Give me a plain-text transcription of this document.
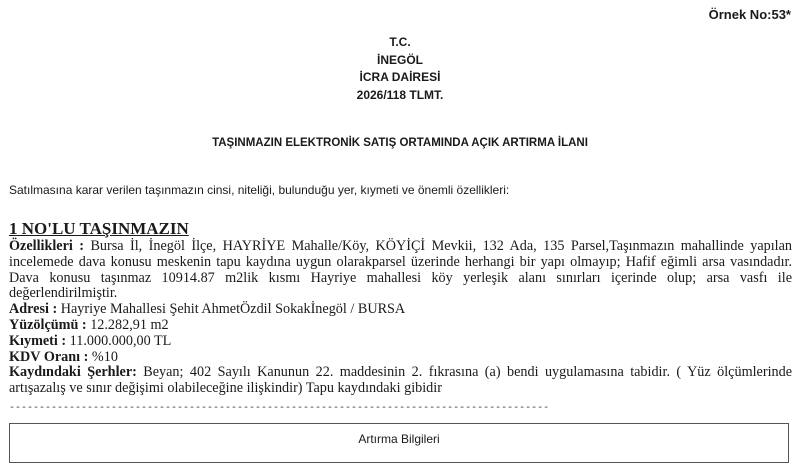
Örnek No:53*
T.C.
İNEGÖL
İCRA DAİRESİ
2026/118 TLMT.
TAŞINMAZIN ELEKTRONİK SATIŞ ORTAMINDA AÇIK ARTIRMA İLANI
Satılmasına karar verilen taşınmazın cinsi, niteliği, bulunduğu yer, kıymeti ve önemli özellikleri:
1 NO'LU TAŞINMAZIN

Özellikleri : Bursa İl, İnegöl İlçe, HAYRİYE Mahalle/Köy, KÖYİÇİ Mevkii, 132 Ada, 135 Parsel,Taşınmazın mahallinde yapılan incelemede dava konusu meskenin tapu kaydına uygun olarakparsel üzerinde herhangi bir yapı olmayıp; Hafif eğimli arsa vasındadır. Dava konusu taşınmaz 10914.87 m2lik kısmı Hayriye mahallesi köy yerleşik alanı sınırları içerinde olup; arsa vasfı ile değerlendirilmiştir.

Adresi : Hayriye Mahallesi Şehit AhmetÖzdil Sokakİnegöl / BURSA

Yüzölçümü : 12.282,91 m2

Kıymeti : 11.000.000,00 TL

KDV Oranı : %10

Kaydındaki Şerhler: Beyan; 402 Sayılı Kanunun 22. maddesinin 2. fıkrasına (a) bendi uygulamasına tabidir. ( Yüz ölçümlerinde artışazalış ve sınır değişimi olabileceğine ilişkindir) Tapu kaydındaki gibidir

------------------------------------------------------------------------------------------
Artırma Bilgileri
